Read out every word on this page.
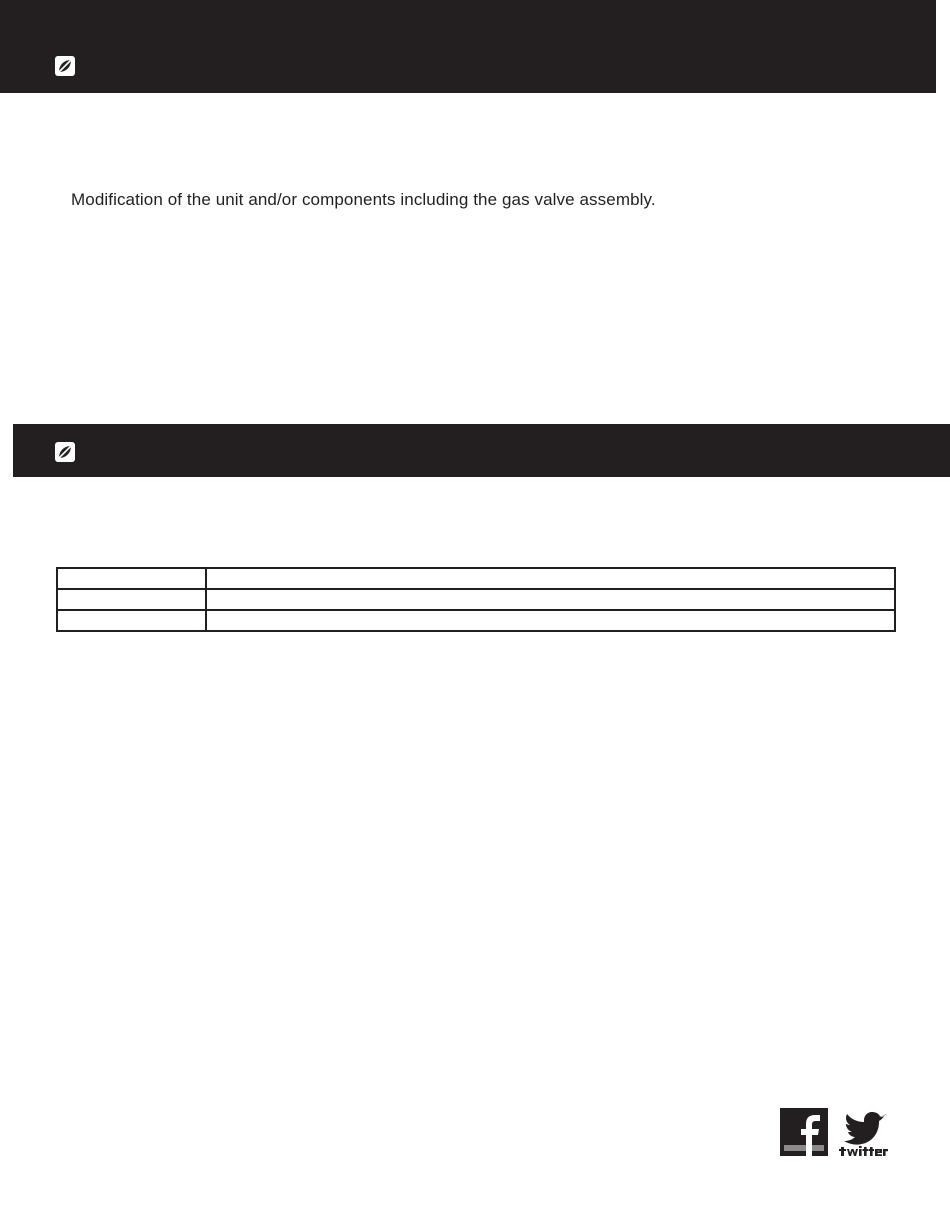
Modification of the unit and/or components including the gas valve assembly.
